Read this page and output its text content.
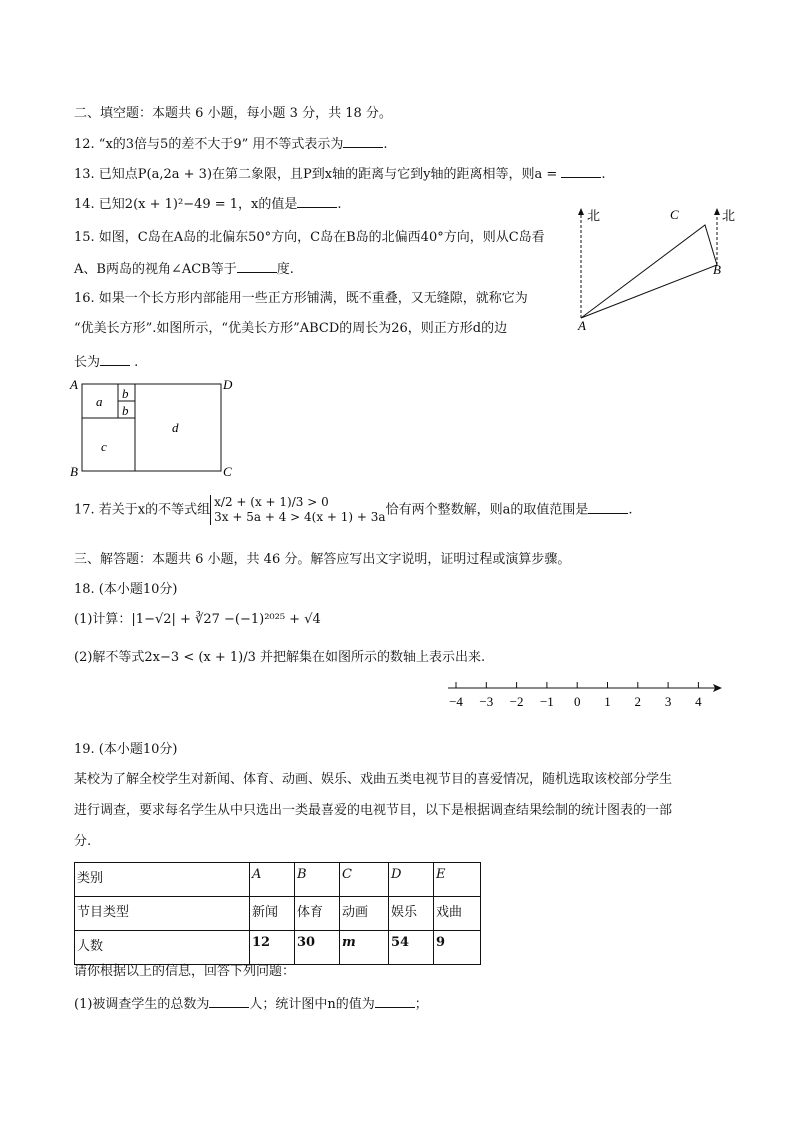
二、填空题：本题共 6 小题，每小题 3 分，共 18 分。
12. “x的3倍与5的差不大于9” 用不等式表示为	.
13. 已知点P(a,2a + 3)在第二象限，且P到x轴的距离与它到y轴的距离相等，则a =	.
14. 已知2(x + 1)²−49 = 1，x的值是	.
15. 如图，C岛在A岛的北偏东50°方向，C岛在B岛的北偏西40°方向，则从C岛看
A、B两岛的视角∠ACB等于	度.
北	北
C
B
A
16. 如果一个长方形内部能用一些正方形铺满，既不重叠，又无缝隙，就称它为
“优美长方形”.如图所示，“优美长方形”ABCD的周长为26，则正方形d的边
长为 .
A	D
B	C
a
b
b
c
d
17. 若关于x的不等式组x/2 + (x + 1)/3 > 0
3x + 5a + 4 > 4(x + 1) + 3a恰有两个整数解，则a的取值范围是	.
三、解答题：本题共 6 小题，共 46 分。解答应写出文字说明，证明过程或演算步骤。
18. (本小题10分)
(1)计算：|1−√2| + ∛27 −(−1)²⁰²⁵ + √4
(2)解不等式2x−3 < (x + 1)/3 并把解集在如图所示的数轴上表示出来.
−4 −3 −2 −1 0 1 2 3 4
19. (本小题10分)
某校为了解全校学生对新闻、体育、动画、娱乐、戏曲五类电视节目的喜爱情况，随机选取该校部分学生
进行调查，要求每名学生从中只选出一类最喜爱的电视节目，以下是根据调查结果绘制的统计图表的一部
分.
类别	A	B	C	D	E
节目类型	新闻	体育	动画	娱乐	戏曲
人数	12	30	m	54	9
请你根据以上的信息，回答下列问题：
(1)被调查学生的总数为	人；统计图中n的值为	；
